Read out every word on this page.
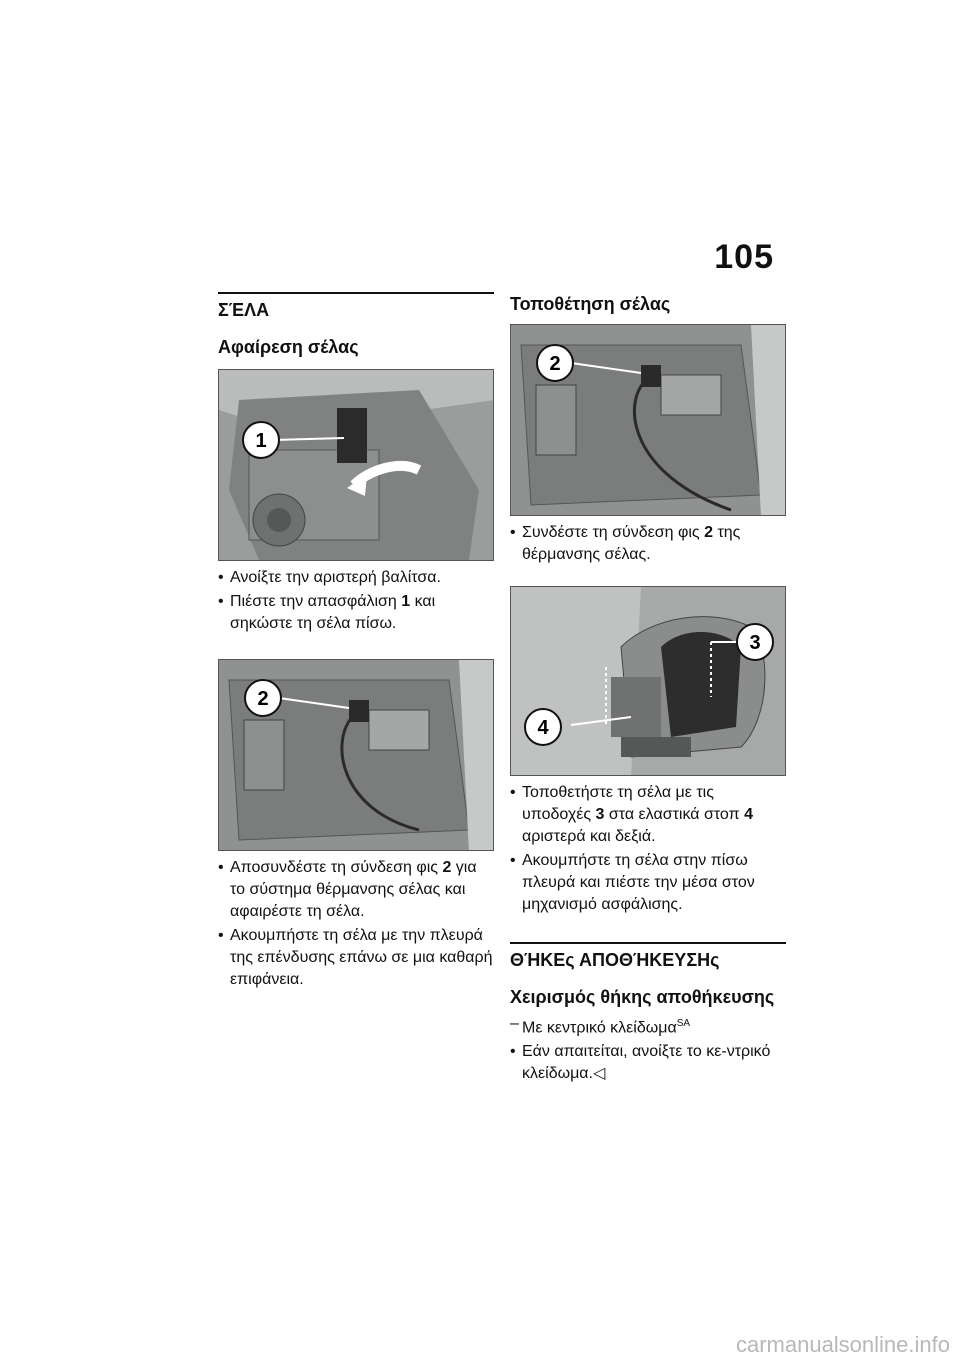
105
ΣΈΛΑ
Αφαίρεση σέλας
1
• Ανοίξτε την αριστερή βαλίτσα.
• Πιέστε την απασφάλιση 1 και σηκώστε τη σέλα πίσω.
2
• Αποσυνδέστε τη σύνδεση φις 2 για το σύστημα θέρμανσης σέλας και αφαιρέστε τη σέλα.
• Ακουμπήστε τη σέλα με την πλευρά της επένδυσης επάνω σε μια καθαρή επιφάνεια.
Τοποθέτηση σέλας
2
• Συνδέστε τη σύνδεση φις 2 της θέρμανσης σέλας.
3
4
• Τοποθετήστε τη σέλα με τις υποδοχές 3 στα ελαστικά στοπ 4 αριστερά και δεξιά.
• Ακουμπήστε τη σέλα στην πίσω πλευρά και πιέστε την μέσα στον μηχανισμό ασφάλισης.
ΘΉΚΕς ΑΠΟΘΉΚΕΥΣΗς
Χειρισμός θήκης αποθήκευσης
– Με κεντρικό κλείδωμα$^{SA}$
• Εάν απαιτείται, ανοίξτε το κε-ντρικό κλείδωμα.◁
carmanualsonline.info
